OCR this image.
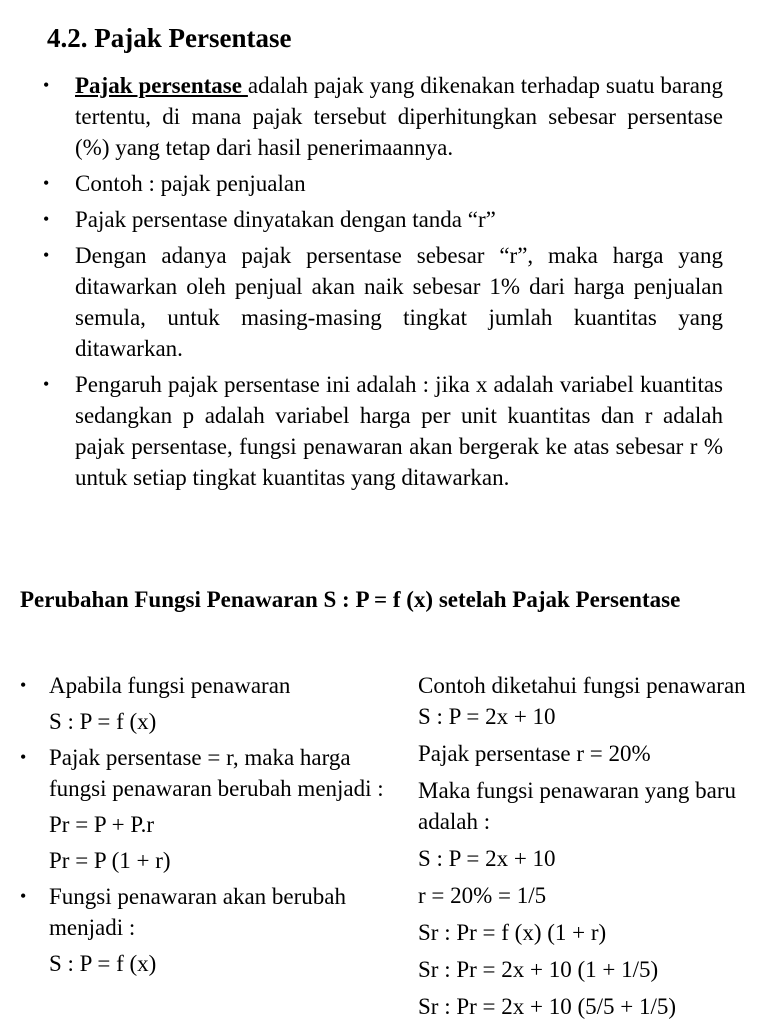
4.2. Pajak Persentase
• Pajak persentase adalah pajak yang dikenakan terhadap suatu barang tertentu, di mana pajak tersebut diperhitungkan sebesar persentase (%) yang tetap dari hasil penerimaannya.
• Contoh : pajak penjualan
• Pajak persentase dinyatakan dengan tanda “r”
• Dengan adanya pajak persentase sebesar “r”, maka harga yang ditawarkan oleh penjual akan naik sebesar 1% dari harga penjualan semula, untuk masing-masing tingkat jumlah kuantitas yang ditawarkan.
• Pengaruh pajak persentase ini adalah : jika x adalah variabel kuantitas sedangkan p adalah variabel harga per unit kuantitas dan r adalah pajak persentase, fungsi penawaran akan bergerak ke atas sebesar r % untuk setiap tingkat kuantitas yang ditawarkan.
Perubahan Fungsi Penawaran S : P = f (x) setelah Pajak Persentase
• Apabila fungsi penawaran
S : P = f (x)
• Pajak persentase = r, maka harga fungsi penawaran berubah menjadi :
Pr = P + P.r
Pr = P (1 + r)
• Fungsi penawaran akan berubah menjadi :
S : P = f (x)
Contoh diketahui fungsi penawaran S : P = 2x + 10
Pajak persentase r = 20%
Maka fungsi penawaran yang baru adalah :
S : P = 2x + 10
r = 20% = 1/5
Sr : Pr = f (x) (1 + r)
Sr : Pr = 2x + 10 (1 + 1/5)
Sr : Pr = 2x + 10 (5/5 + 1/5)
